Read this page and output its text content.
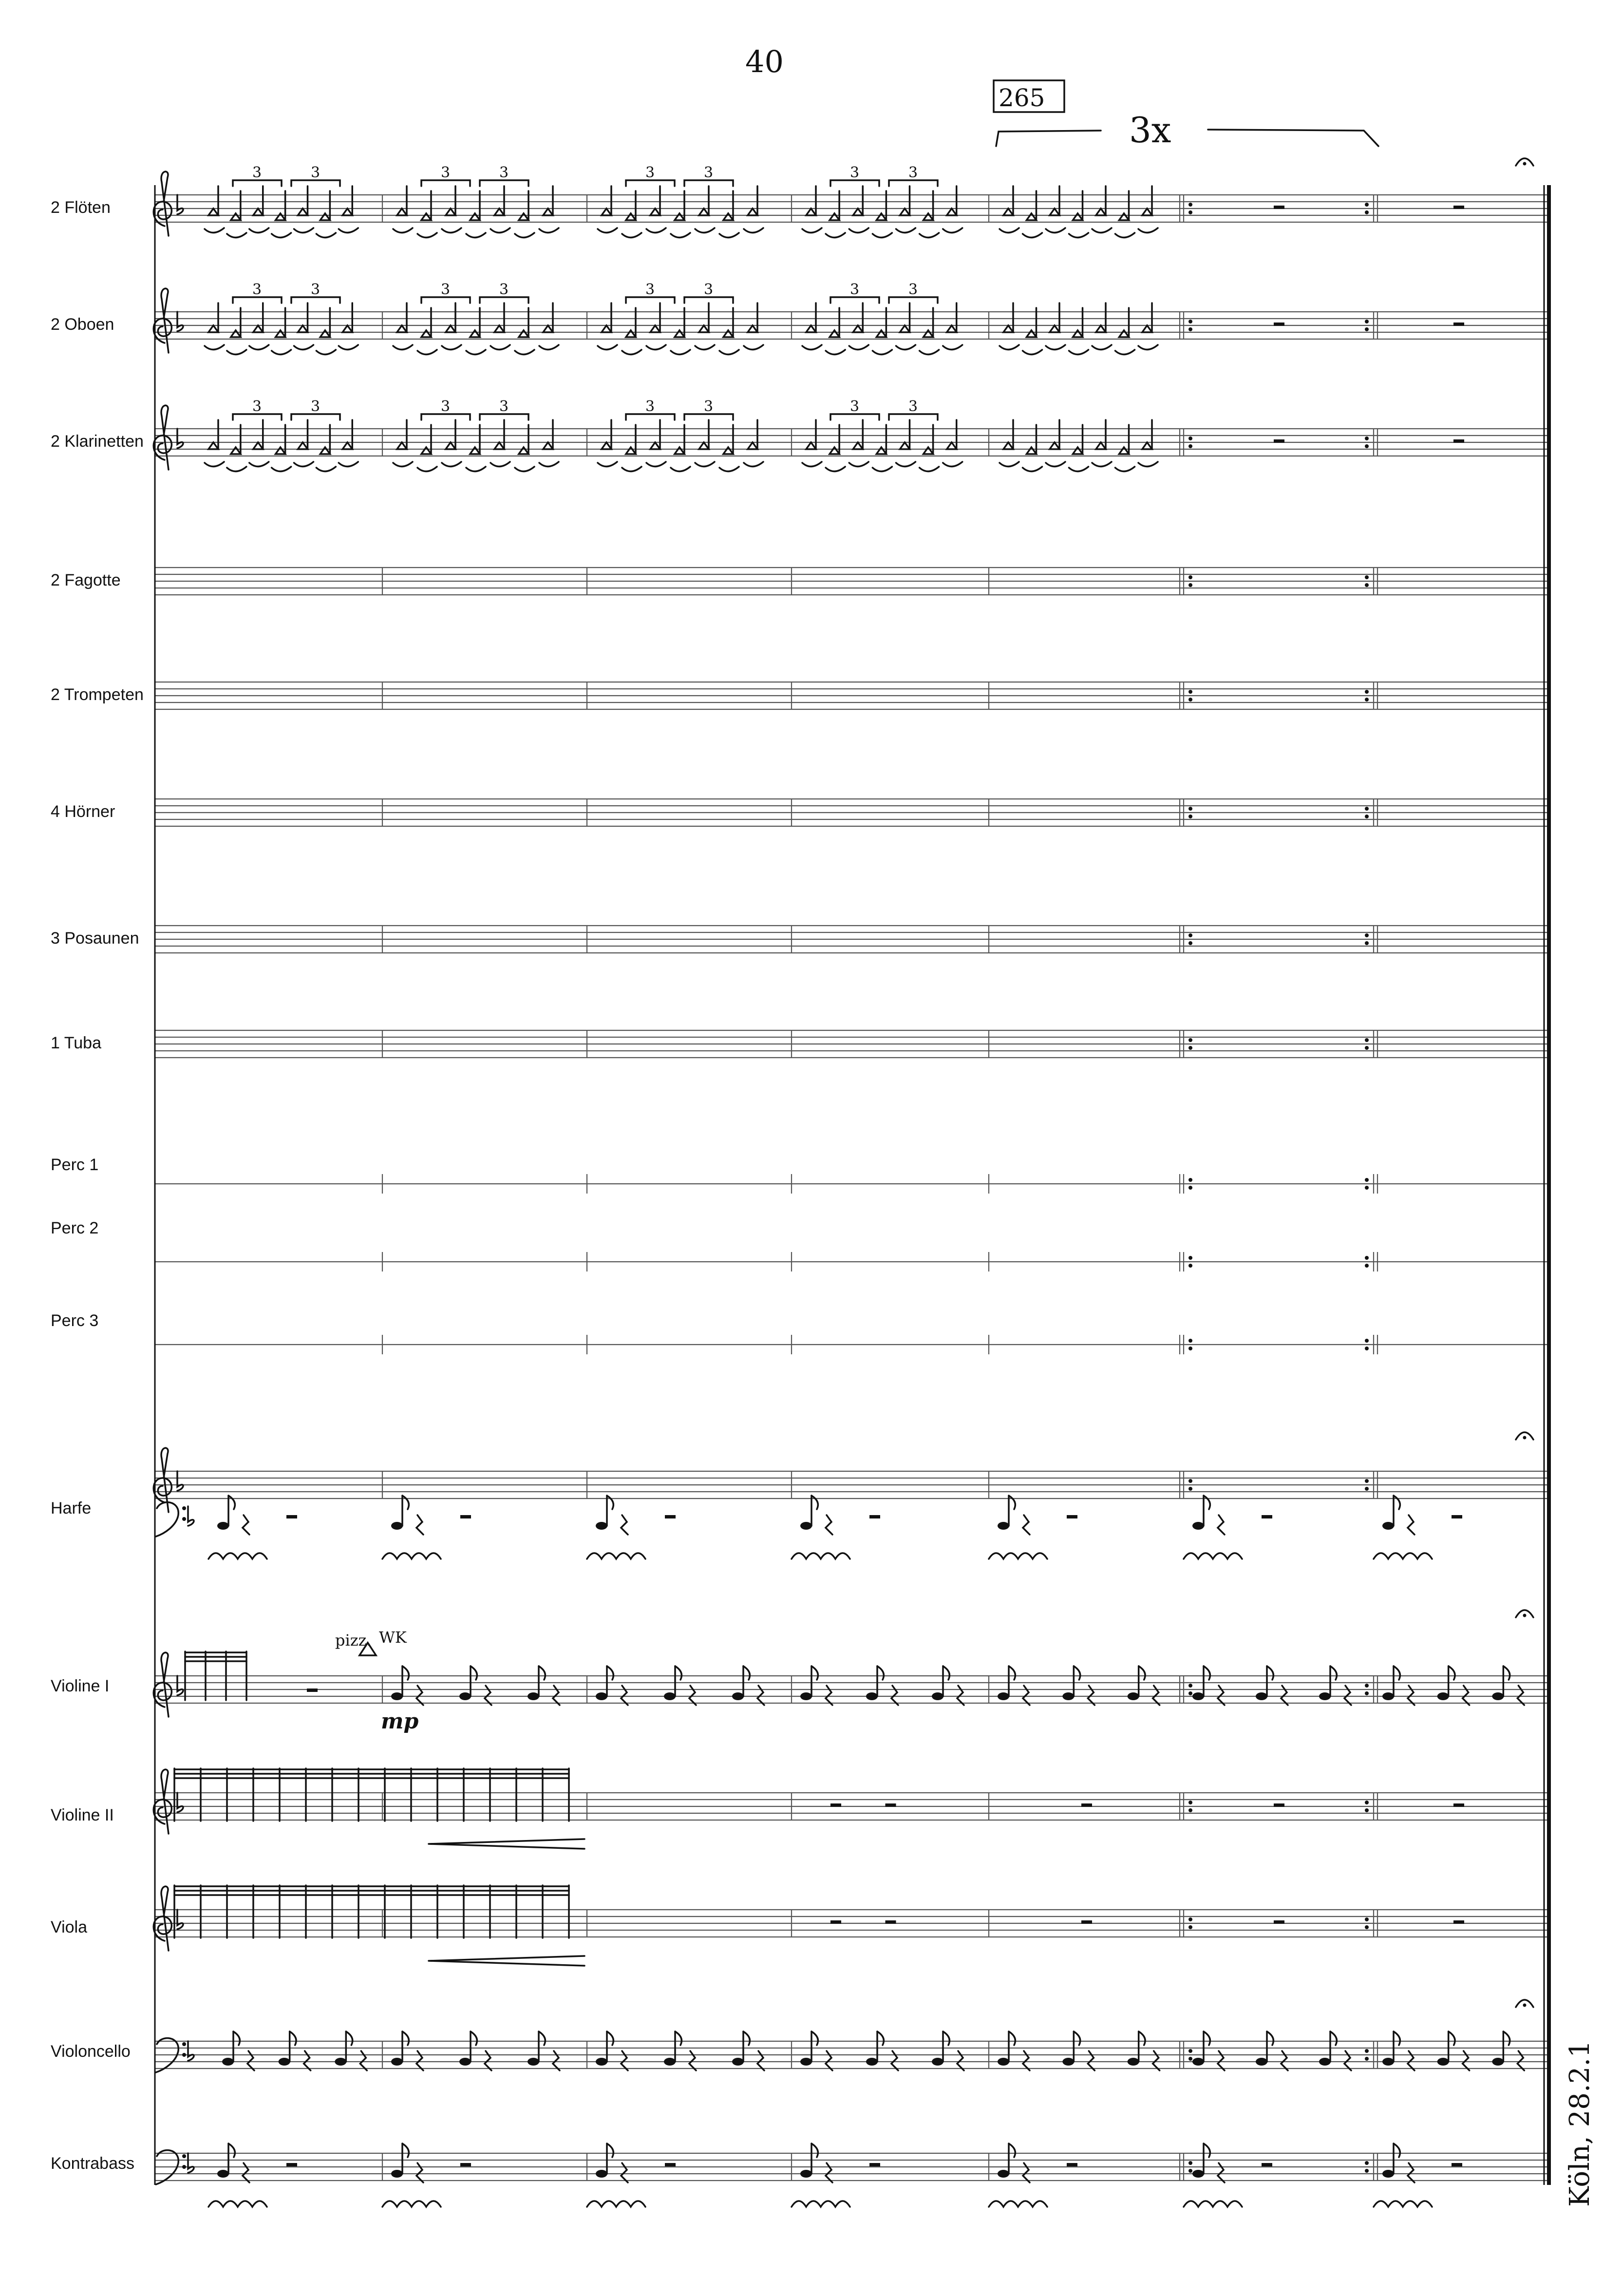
40
265
3x
2 Flöten
2 Oboen
2 Klarinetten
2 Fagotte
2 Trompeten
4 Hörner
3 Posaunen
1 Tuba
Perc 1
Perc 2
Perc 3
Harfe
Violine I
Violine II
Viola
Violoncello
Kontrabass
3	3	3	3	3	3	3	3
3	3	3	3	3	3	3	3
3	3	3	3	3	3	3	3
pizz. WK
mp
Köln, 28.2.1
